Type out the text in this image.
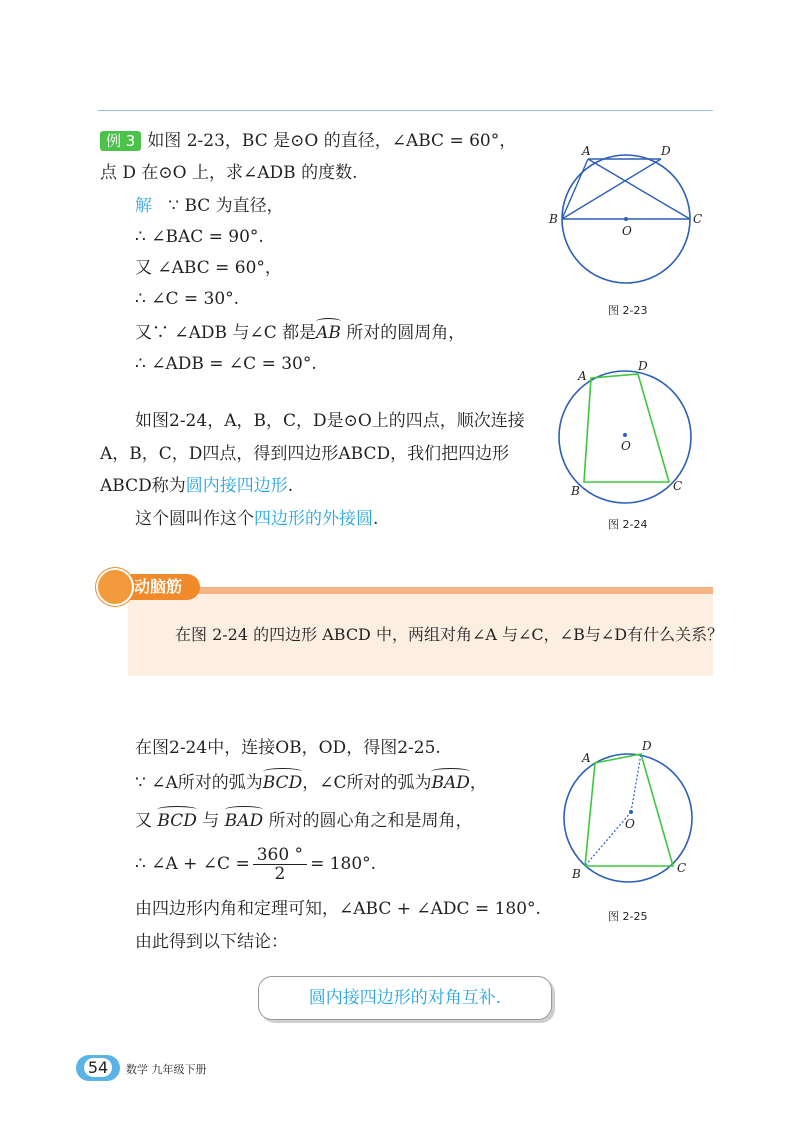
例 3 如图 2-23，BC 是⊙O 的直径，∠ABC = 60°，
点 D 在⊙O 上，求∠ADB 的度数.
解 ∵ BC 为直径，
∴ ∠BAC = 90°.
又 ∠ABC = 60°，
∴ ∠C = 30°.
又∵ ∠ADB 与∠C 都是AB 所对的圆周角，
∴ ∠ADB = ∠C = 30°.
如图2-24，A，B，C，D是⊙O上的四点，顺次连接
A，B，C，D四点，得到四边形ABCD，我们把四边形
ABCD称为圆内接四边形.
这个圆叫作这个四边形的外接圆.
A	D
B	C
O
图 2-23
A
D
B	C
O
图 2-24
动脑筋
在图 2-24 的四边形 ABCD 中，两组对角∠A 与∠C，∠B与∠D有什么关系？
在图2-24中，连接OB，OD，得图2-25.
∵ ∠A所对的弧为BCD，∠C所对的弧为BAD，
又 BCD 与 BAD 所对的圆心角之和是周角，
∴ ∠A + ∠C = $\frac{360 ^\circ}{2} = 180^\circ$.
由四边形内角和定理可知，∠ABC + ∠ADC = 180°.
由此得到以下结论：
A
D
B	C
O
图 2-25
圆内接四边形的对角互补.
54	数学 九年级下册
